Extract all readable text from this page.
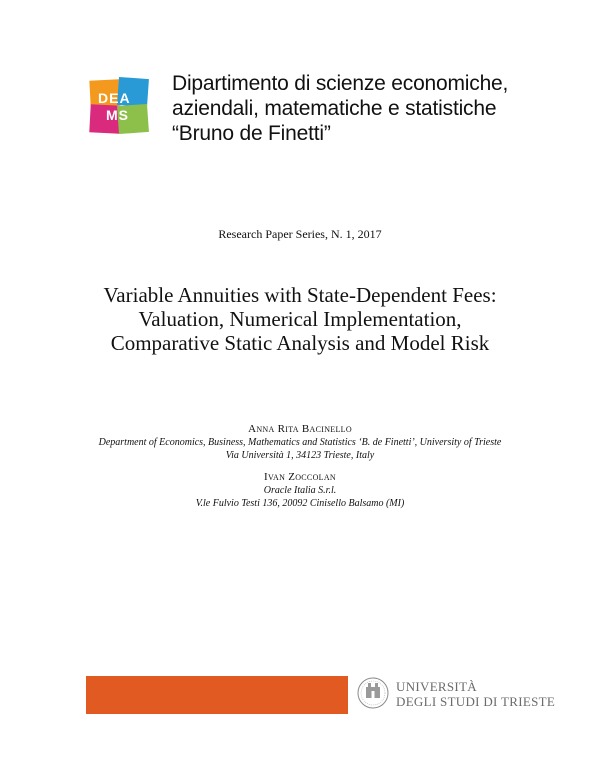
DEA
MS
Dipartimento di scienze economiche,
aziendali, matematiche e statistiche
“Bruno de Finetti”
Research Paper Series, N. 1, 2017
Variable Annuities with State-Dependent Fees:
Valuation, Numerical Implementation,
Comparative Static Analysis and Model Risk
Anna Rita Bacinello
Department of Economics, Business, Mathematics and Statistics ‘B. de Finetti’, University of Trieste
Via Università 1, 34123 Trieste, Italy
Ivan Zoccolan
Oracle Italia S.r.l.
V.le Fulvio Testi 136, 20092 Cinisello Balsamo (MI)
UNIVERSITÀ
DEGLI STUDI DI TRIESTE
